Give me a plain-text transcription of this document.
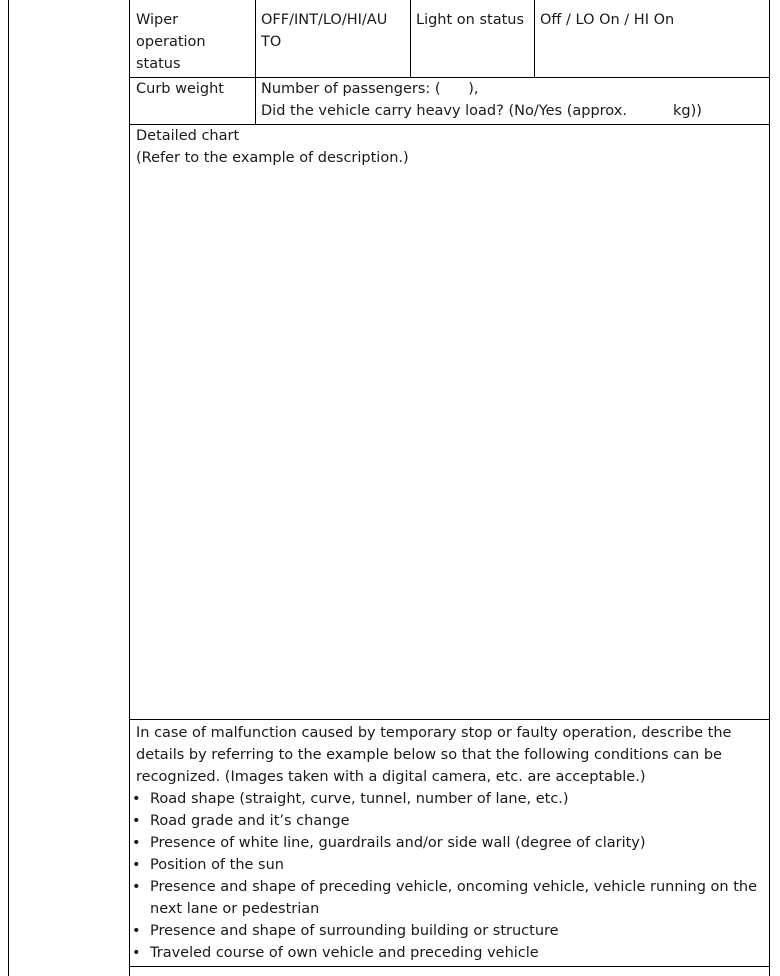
Wiper
operation
status
OFF/INT/LO/HI/AU
TO
Light on status	Off / LO On / HI On
Curb weight	Number of passengers: (      ),
Did the vehicle carry heavy load? (No/Yes (approx.          kg))
Detailed chart
(Refer to the example of description.)
In case of malfunction caused by temporary stop or faulty operation, describe the details by referring to the example below so that the following conditions can be recognized. (Images taken with a digital camera, etc. are acceptable.)
• Road shape (straight, curve, tunnel, number of lane, etc.)
• Road grade and it’s change
• Presence of white line, guardrails and/or side wall (degree of clarity)
• Position of the sun
• Presence and shape of preceding vehicle, oncoming vehicle, vehicle running on the next lane or pedestrian
• Presence and shape of surrounding building or structure
• Traveled course of own vehicle and preceding vehicle
